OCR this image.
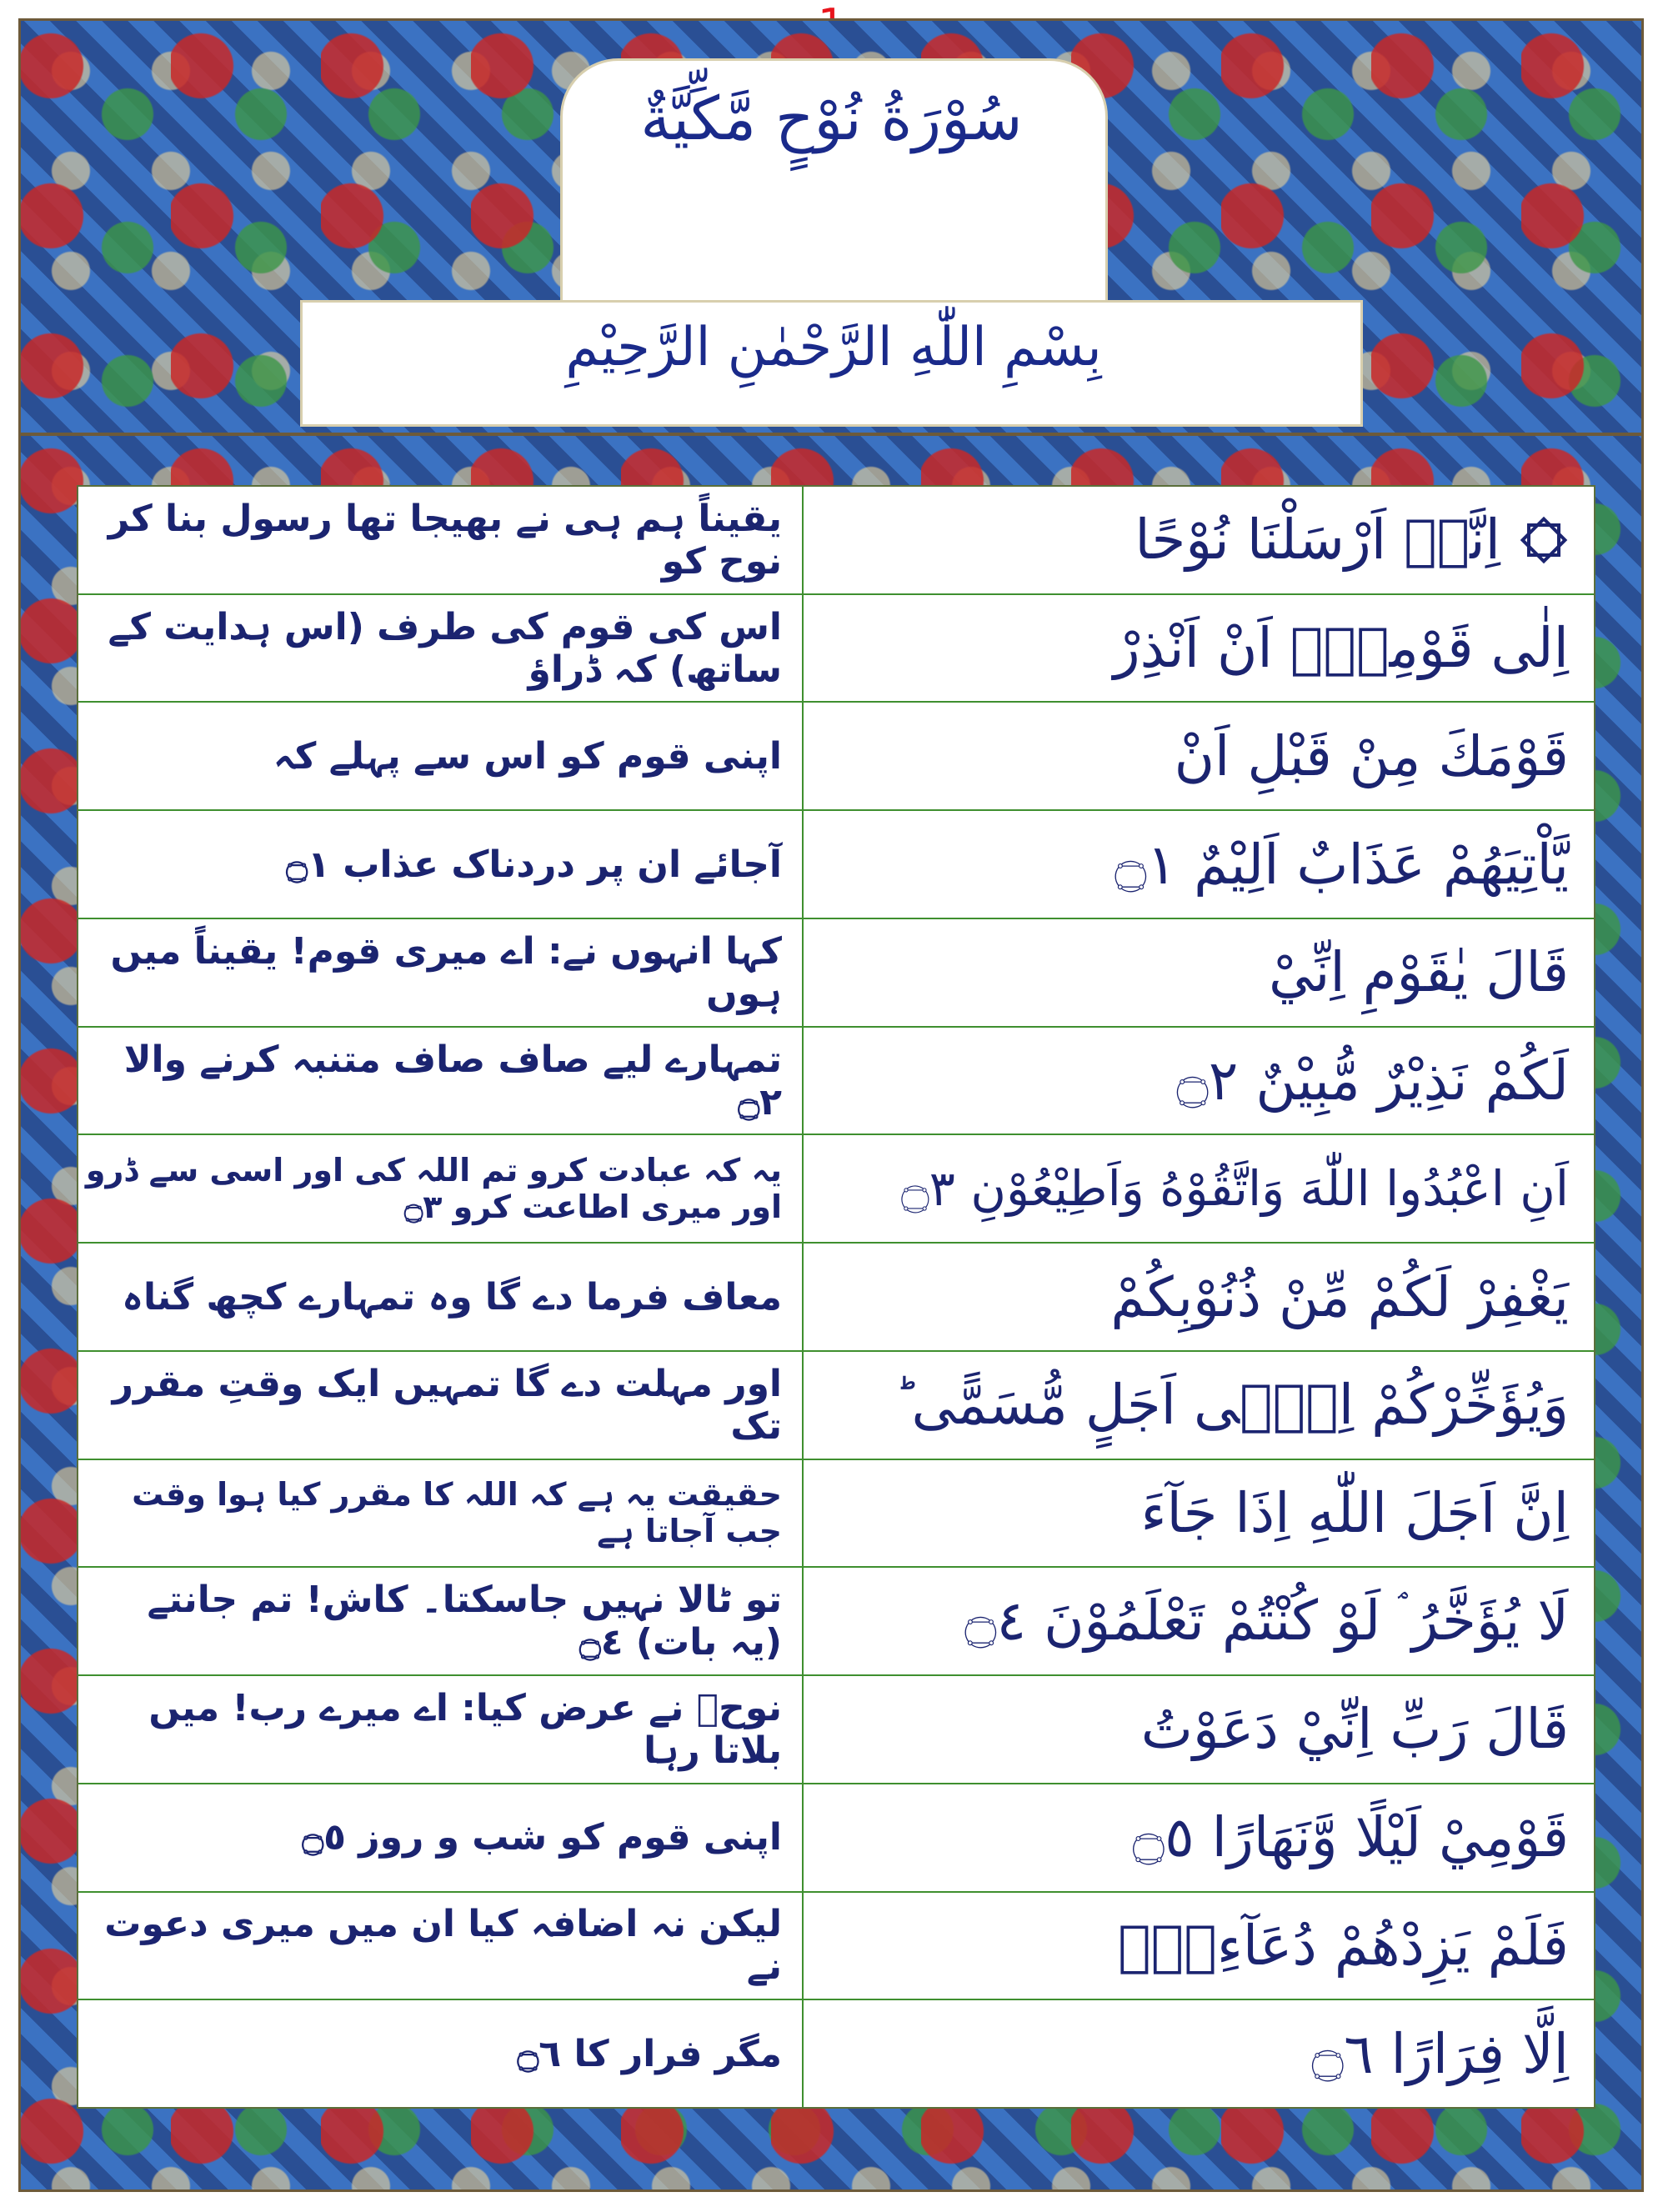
سُوْرَةُ نُوْحٍ مَّكِّيَّةٌ
بِسْمِ اللّٰهِ الرَّحْمٰنِ الرَّحِيْمِ
یقیناً ہم ہی نے بھیجا تھا رسول بنا کر نوح کو	اِنَّاۤ اَرْسَلْنَا نُوْحًا
اس کی قوم کی طرف (اس ہدایت کے ساتھ) کہ ڈراؤ	اِلٰى قَوْمِهٖۤ اَنْ اَنْذِرْ
اپنی قوم کو اس سے پہلے کہ	قَوْمَكَ مِنْ قَبْلِ اَنْ
آجائے ان پر دردناک عذاب ۝١	يَّاْتِيَهُمْ عَذَابٌ اَلِيْمٌ ۝١
کہا انہوں نے: اے میری قوم! یقیناً میں ہوں	قَالَ يٰقَوْمِ اِنِّيْ
تمہارے لیے صاف صاف متنبہ کرنے والا ۝٢	لَكُمْ نَذِيْرٌ مُّبِيْنٌ ۝٢
یہ کہ عبادت کرو تم اللہ کی اور اسی سے ڈرو اور میری اطاعت کرو ۝٣	اَنِ اعْبُدُوا اللّٰهَ وَاتَّقُوْهُ وَاَطِيْعُوْنِ ۝٣
معاف فرما دے گا وہ تمہارے کچھ گناہ	يَغْفِرْ لَكُمْ مِّنْ ذُنُوْبِكُمْ
اور مہلت دے گا تمہیں ایک وقتِ مقرر تک	وَيُؤَخِّرْكُمْ اِلٰۤى اَجَلٍ مُّسَمًّى ؕ
حقیقت یہ ہے کہ اللہ کا مقرر کیا ہوا وقت جب آجاتا ہے	اِنَّ اَجَلَ اللّٰهِ اِذَا جَآءَ
تو ٹالا نہیں جاسکتا۔ کاش! تم جانتے (یہ بات) ۝٤	لَا يُؤَخَّرُ ۘ لَوْ كُنْتُمْ تَعْلَمُوْنَ ۝٤
نوحؑ نے عرض کیا: اے میرے رب! میں بلاتا رہا	قَالَ رَبِّ اِنِّيْ دَعَوْتُ
اپنی قوم کو شب و روز ۝٥	قَوْمِيْ لَيْلًا وَّنَهَارًا ۝٥
لیکن نہ اضافہ کیا ان میں میری دعوت نے	فَلَمْ يَزِدْهُمْ دُعَآءِيْۤ
مگر فرار کا ۝٦	اِلَّا فِرَارًا ۝٦
